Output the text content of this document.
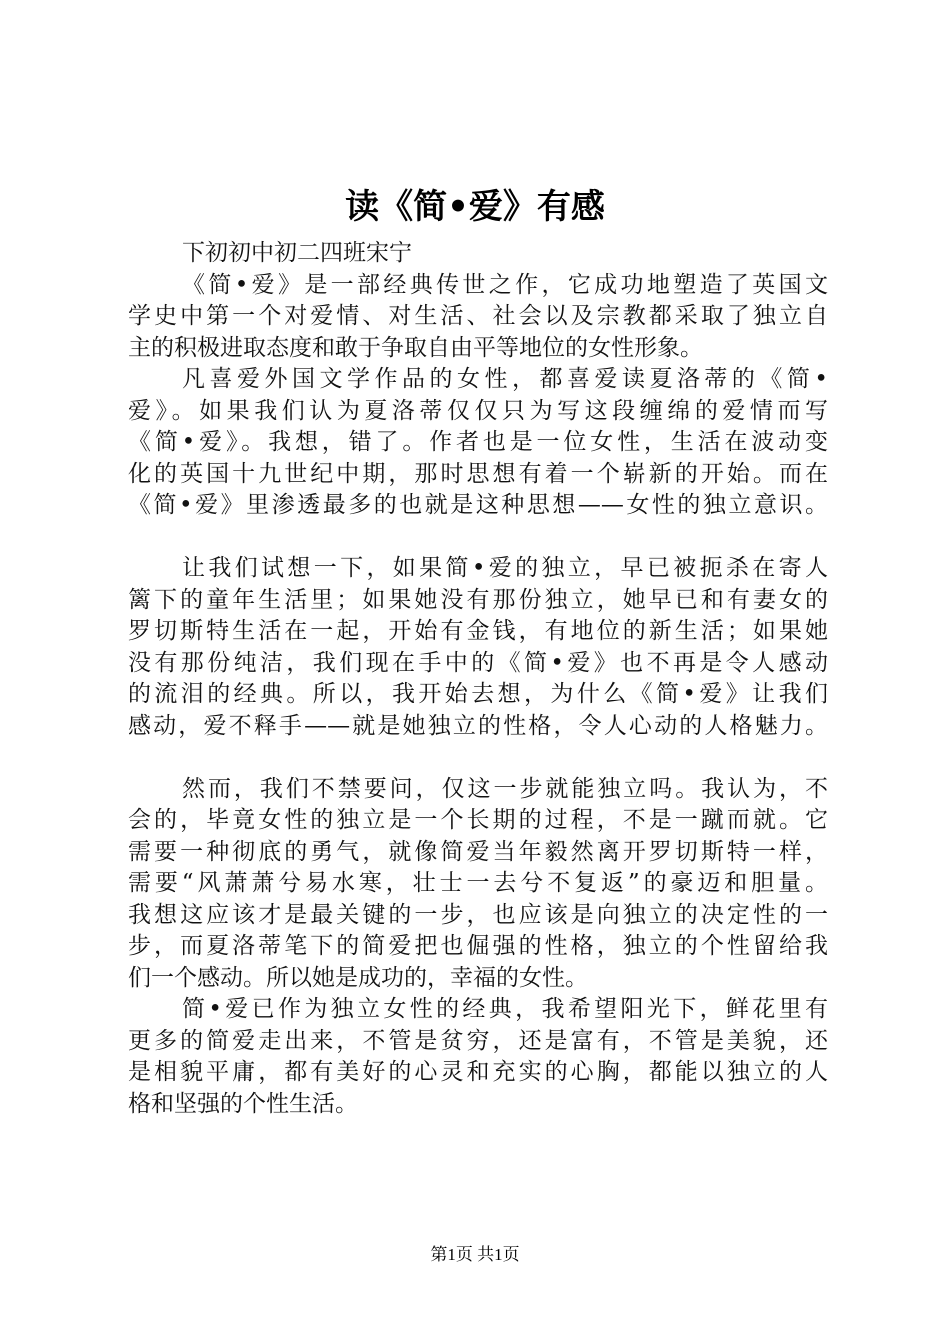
读《简•爱》有感
下初初中初二四班宋宁
《简•爱》是一部经典传世之作，它成功地塑造了英国文
学史中第一个对爱情、对生活、社会以及宗教都采取了独立自
主的积极进取态度和敢于争取自由平等地位的女性形象。
凡喜爱外国文学作品的女性，都喜爱读夏洛蒂的《简•
爱》。如果我们认为夏洛蒂仅仅只为写这段缠绵的爱情而写
《简•爱》。我想，错了。作者也是一位女性，生活在波动变
化的英国十九世纪中期，那时思想有着一个崭新的开始。而在
《简•爱》里渗透最多的也就是这种思想——女性的独立意识。
让我们试想一下，如果简•爱的独立，早已被扼杀在寄人
篱下的童年生活里；如果她没有那份独立，她早已和有妻女的
罗切斯特生活在一起，开始有金钱，有地位的新生活；如果她
没有那份纯洁，我们现在手中的《简•爱》也不再是令人感动
的流泪的经典。所以，我开始去想，为什么《简•爱》让我们
感动，爱不释手——就是她独立的性格，令人心动的人格魅力。
然而，我们不禁要问，仅这一步就能独立吗。我认为，不
会的，毕竟女性的独立是一个长期的过程，不是一蹴而就。它
需要一种彻底的勇气，就像简爱当年毅然离开罗切斯特一样，
需要“风萧萧兮易水寒，壮士一去兮不复返”的豪迈和胆量。
我想这应该才是最关键的一步，也应该是向独立的决定性的一
步，而夏洛蒂笔下的简爱把也倔强的性格，独立的个性留给我
们一个感动。所以她是成功的，幸福的女性。
简•爱已作为独立女性的经典，我希望阳光下，鲜花里有
更多的简爱走出来，不管是贫穷，还是富有，不管是美貌，还
是相貌平庸，都有美好的心灵和充实的心胸，都能以独立的人
格和坚强的个性生活。
第1页 共1页
